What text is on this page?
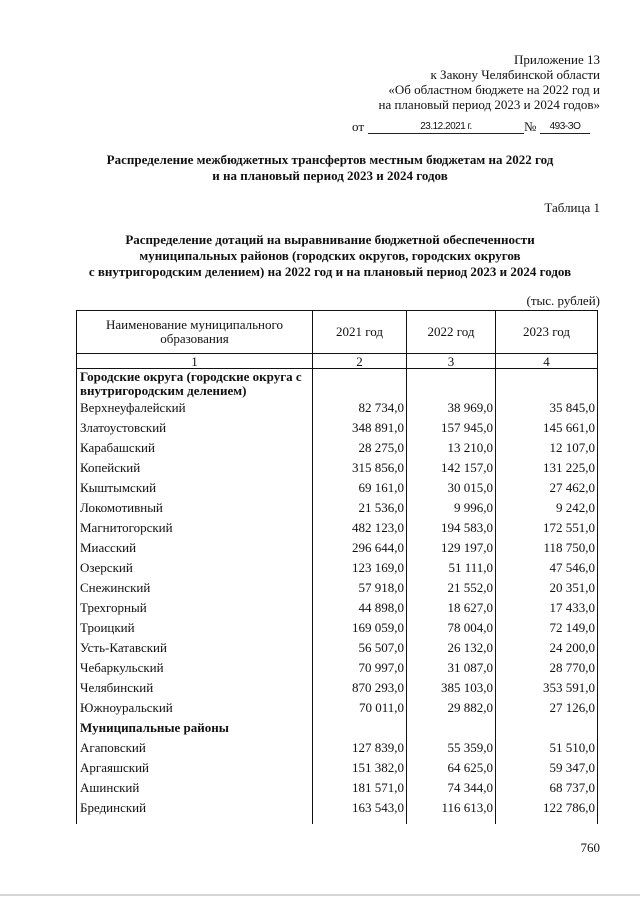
Приложение 13
к Закону Челябинской области
«Об областном бюджете на 2022 год и
на плановый период 2023 и 2024 годов»
от	23.12.2021 г.	№	493-ЗО
Распределение межбюджетных трансфертов местным бюджетам на 2022 год
и на плановый период 2023 и 2024 годов
Таблица 1
Распределение дотаций на выравнивание бюджетной обеспеченности
муниципальных районов (городских округов, городских округов
с внутригородским делением) на 2022 год и на плановый период 2023 и 2024 годов
(тыс. рублей)
Наименование муниципального образования	2021 год	2022 год	2023 год
1	2	3	4
Городские округа (городские округа с внутригородским делением)			
Верхнеуфалейский	82 734,0	38 969,0	35 845,0
Златоустовский	348 891,0	157 945,0	145 661,0
Карабашский	28 275,0	13 210,0	12 107,0
Копейский	315 856,0	142 157,0	131 225,0
Кыштымский	69 161,0	30 015,0	27 462,0
Локомотивный	21 536,0	9 996,0	9 242,0
Магнитогорский	482 123,0	194 583,0	172 551,0
Миасский	296 644,0	129 197,0	118 750,0
Озерский	123 169,0	51 111,0	47 546,0
Снежинский	57 918,0	21 552,0	20 351,0
Трехгорный	44 898,0	18 627,0	17 433,0
Троицкий	169 059,0	78 004,0	72 149,0
Усть-Катавский	56 507,0	26 132,0	24 200,0
Чебаркульский	70 997,0	31 087,0	28 770,0
Челябинский	870 293,0	385 103,0	353 591,0
Южноуральский	70 011,0	29 882,0	27 126,0
Муниципальные районы			
Агаповский	127 839,0	55 359,0	51 510,0
Аргаяшский	151 382,0	64 625,0	59 347,0
Ашинский	181 571,0	74 344,0	68 737,0
Брединский	163 543,0	116 613,0	122 786,0

760
